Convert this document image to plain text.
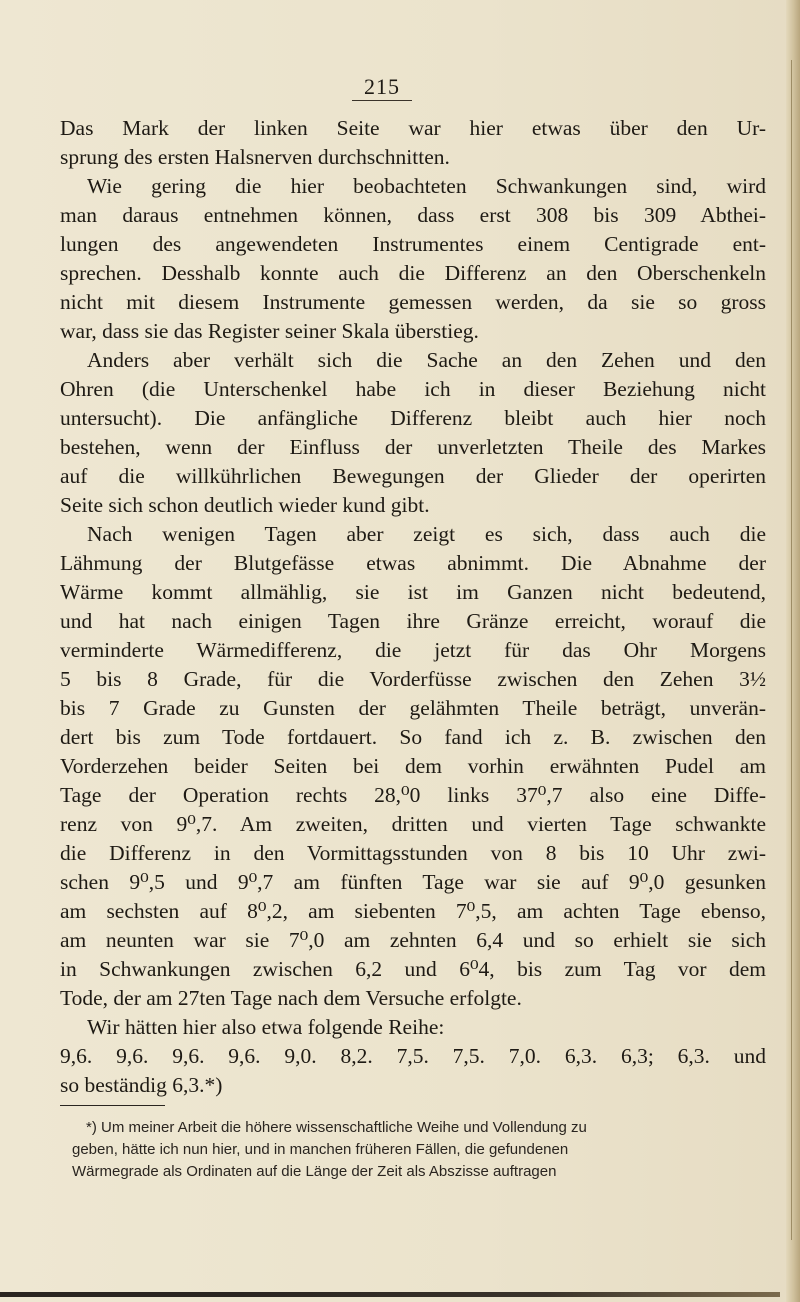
215
Das Mark der linken Seite war hier etwas über den Ur-
sprung des ersten Halsnerven durchschnitten.
Wie gering die hier beobachteten Schwankungen sind, wird
man daraus entnehmen können, dass erst 308 bis 309 Abthei-
lungen des angewendeten Instrumentes einem Centigrade ent-
sprechen. Desshalb konnte auch die Differenz an den Oberschenkeln
nicht mit diesem Instrumente gemessen werden, da sie so gross
war, dass sie das Register seiner Skala überstieg.
Anders aber verhält sich die Sache an den Zehen und den
Ohren (die Unterschenkel habe ich in dieser Beziehung nicht
untersucht). Die anfängliche Differenz bleibt auch hier noch
bestehen, wenn der Einfluss der unverletzten Theile des Markes
auf die willkührlichen Bewegungen der Glieder der operirten
Seite sich schon deutlich wieder kund gibt.
Nach wenigen Tagen aber zeigt es sich, dass auch die
Lähmung der Blutgefässe etwas abnimmt. Die Abnahme der
Wärme kommt allmählig, sie ist im Ganzen nicht bedeutend,
und hat nach einigen Tagen ihre Gränze erreicht, worauf die
verminderte Wärmedifferenz, die jetzt für das Ohr Morgens
5 bis 8 Grade, für die Vorderfüsse zwischen den Zehen 3½
bis 7 Grade zu Gunsten der gelähmten Theile beträgt, unverän-
dert bis zum Tode fortdauert. So fand ich z. B. zwischen den
Vorderzehen beider Seiten bei dem vorhin erwähnten Pudel am
Tage der Operation rechts 28,⁰0 links 37⁰,7 also eine Diffe-
renz von 9⁰,7. Am zweiten, dritten und vierten Tage schwankte
die Differenz in den Vormittagsstunden von 8 bis 10 Uhr zwi-
schen 9⁰,5 und 9⁰,7 am fünften Tage war sie auf 9⁰,0 gesunken
am sechsten auf 8⁰,2, am siebenten 7⁰,5, am achten Tage ebenso,
am neunten war sie 7⁰,0 am zehnten 6,4 und so erhielt sie sich
in Schwankungen zwischen 6,2 und 6⁰4, bis zum Tag vor dem
Tode, der am 27ten Tage nach dem Versuche erfolgte.
Wir hätten hier also etwa folgende Reihe:
9,6. 9,6. 9,6. 9,6. 9,0. 8,2. 7,5. 7,5. 7,0. 6,3. 6,3; 6,3. und
so beständig 6,3.*)
*) Um meiner Arbeit die höhere wissenschaftliche Weihe und Vollendung zu
geben, hätte ich nun hier, und in manchen früheren Fällen, die gefundenen
Wärmegrade als Ordinaten auf die Länge der Zeit als Abszisse auftragen
